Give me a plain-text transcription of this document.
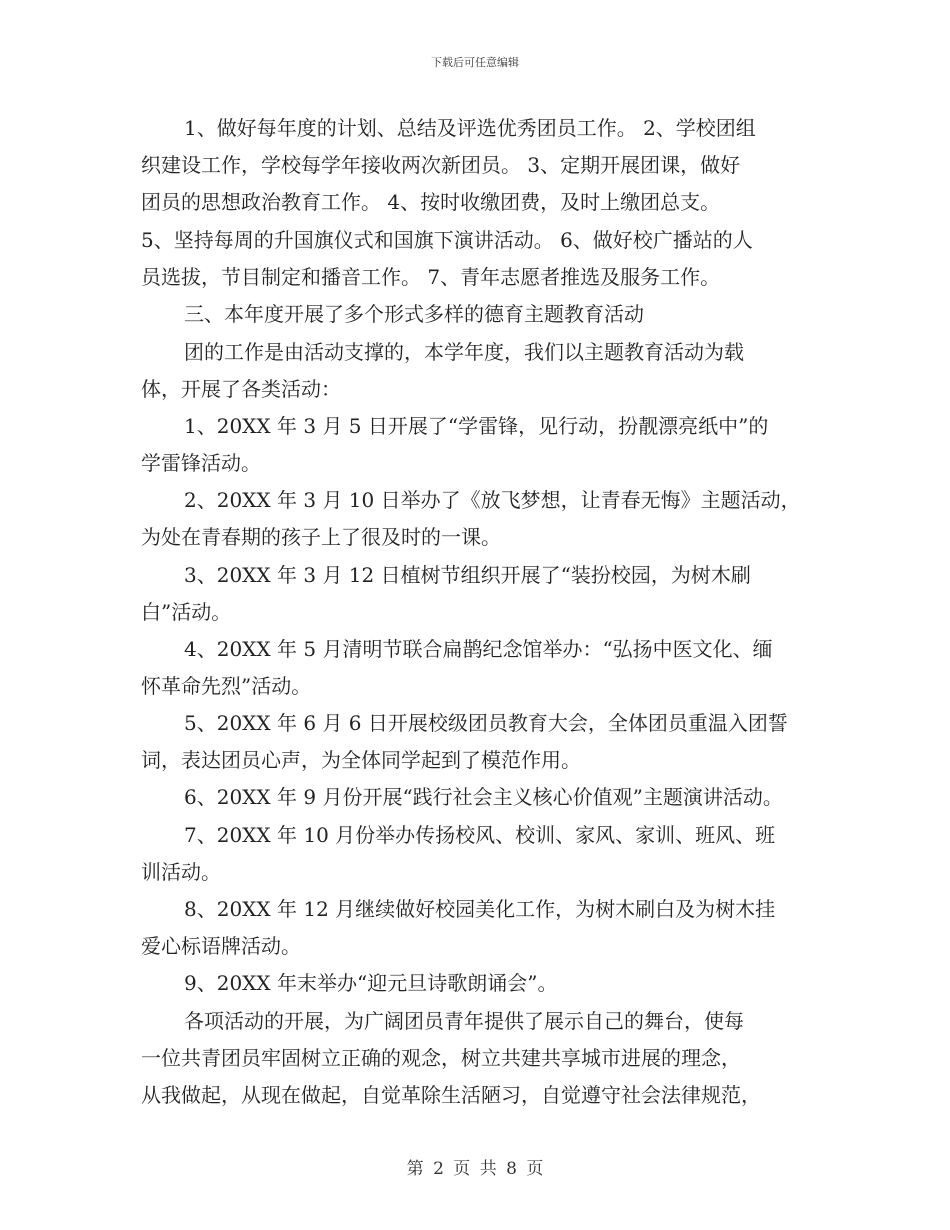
下载后可任意编辑
1、做好每年度的计划、总结及评选优秀团员工作。 2、学校团组
织建设工作，学校每学年接收两次新团员。 3、定期开展团课，做好
团员的思想政治教育工作。 4、按时收缴团费，及时上缴团总支。
5、坚持每周的升国旗仪式和国旗下演讲活动。 6、做好校广播站的人
员选拔，节目制定和播音工作。 7、青年志愿者推选及服务工作。
三、本年度开展了多个形式多样的德育主题教育活动
团的工作是由活动支撑的，本学年度，我们以主题教育活动为载
体，开展了各类活动：
1、20XX 年 3 月 5 日开展了“学雷锋，见行动，扮靓漂亮纸中”的
学雷锋活动。
2、20XX 年 3 月 10 日举办了《放飞梦想，让青春无悔》主题活动，
为处在青春期的孩子上了很及时的一课。
3、20XX 年 3 月 12 日植树节组织开展了“装扮校园，为树木刷
白”活动。
4、20XX 年 5 月清明节联合扁鹊纪念馆举办：“弘扬中医文化、缅
怀革命先烈”活动。
5、20XX 年 6 月 6 日开展校级团员教育大会，全体团员重温入团誓
词，表达团员心声，为全体同学起到了模范作用。
6、20XX 年 9 月份开展“践行社会主义核心价值观”主题演讲活动。
7、20XX 年 10 月份举办传扬校风、校训、家风、家训、班风、班
训活动。
8、20XX 年 12 月继续做好校园美化工作，为树木刷白及为树木挂
爱心标语牌活动。
9、20XX 年末举办“迎元旦诗歌朗诵会”。
各项活动的开展，为广阔团员青年提供了展示自己的舞台，使每
一位共青团员牢固树立正确的观念，树立共建共享城市进展的理念，
从我做起，从现在做起，自觉革除生活陋习，自觉遵守社会法律规范，
第 2 页 共 8 页
